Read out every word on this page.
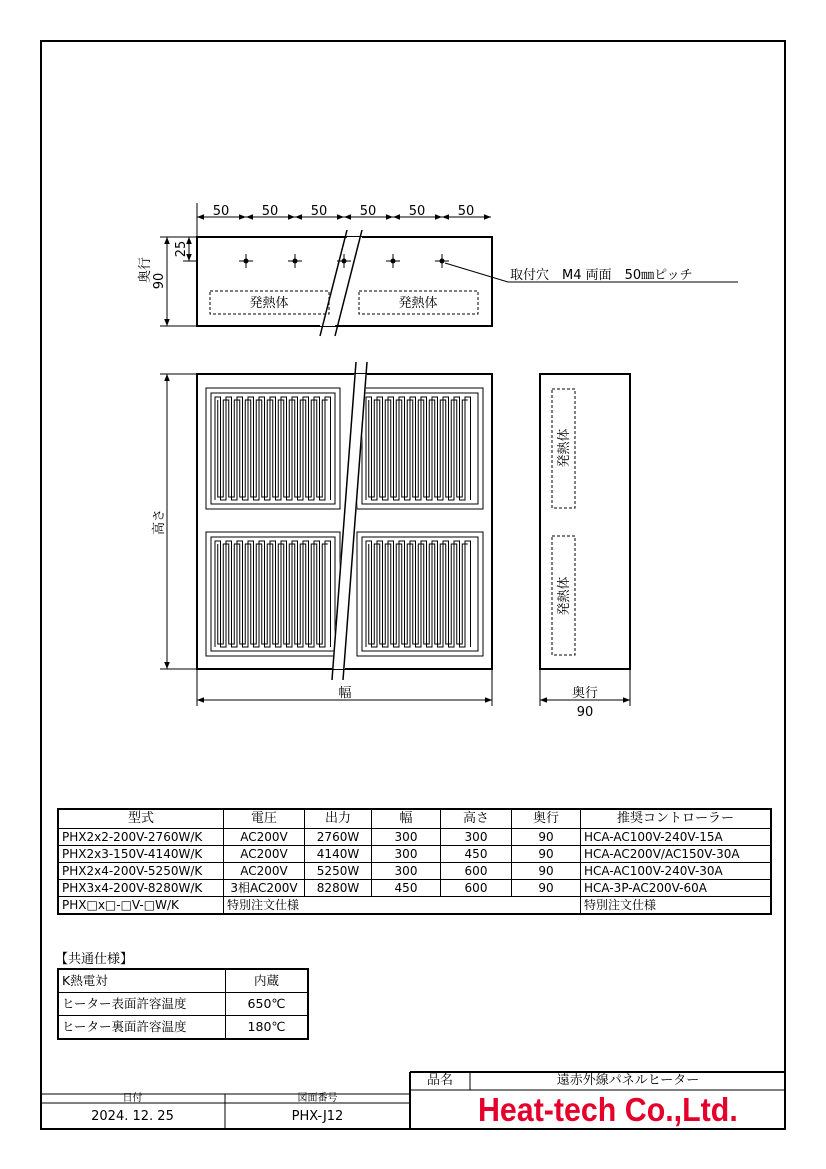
50 50 50 50 50 50
発熱体	発熱体
25
90
奥行	取付穴　M4 両面　50㎜ピッチ
高さ
幅
発熱体
発熱体
奥行
90
型式	電圧	出力	幅	高さ	奥行	推奨コントローラー
PHX2x2-200V-2760W/K	AC200V	2760W	300	300	90	HCA-AC100V-240V-15A
PHX2x3-150V-4140W/K	AC200V	4140W	300	450	90	HCA-AC200V/AC150V-30A
PHX2x4-200V-5250W/K	AC200V	5250W	300	600	90	HCA-AC100V-240V-30A
PHX3x4-200V-8280W/K	3相AC200V	8280W	450	600	90	HCA-3P-AC200V-60A
PHX□x□-□V-□W/K	特別注文仕様					特別注文仕様
【共通仕様】
K熱電対	内蔵
ヒーター表面許容温度	650℃
ヒーター裏面許容温度	180℃
日付
2024. 12. 25
図面番号
PHX-J12
品名	遠赤外線パネルヒーター
Heat-tech Co.,Ltd.
